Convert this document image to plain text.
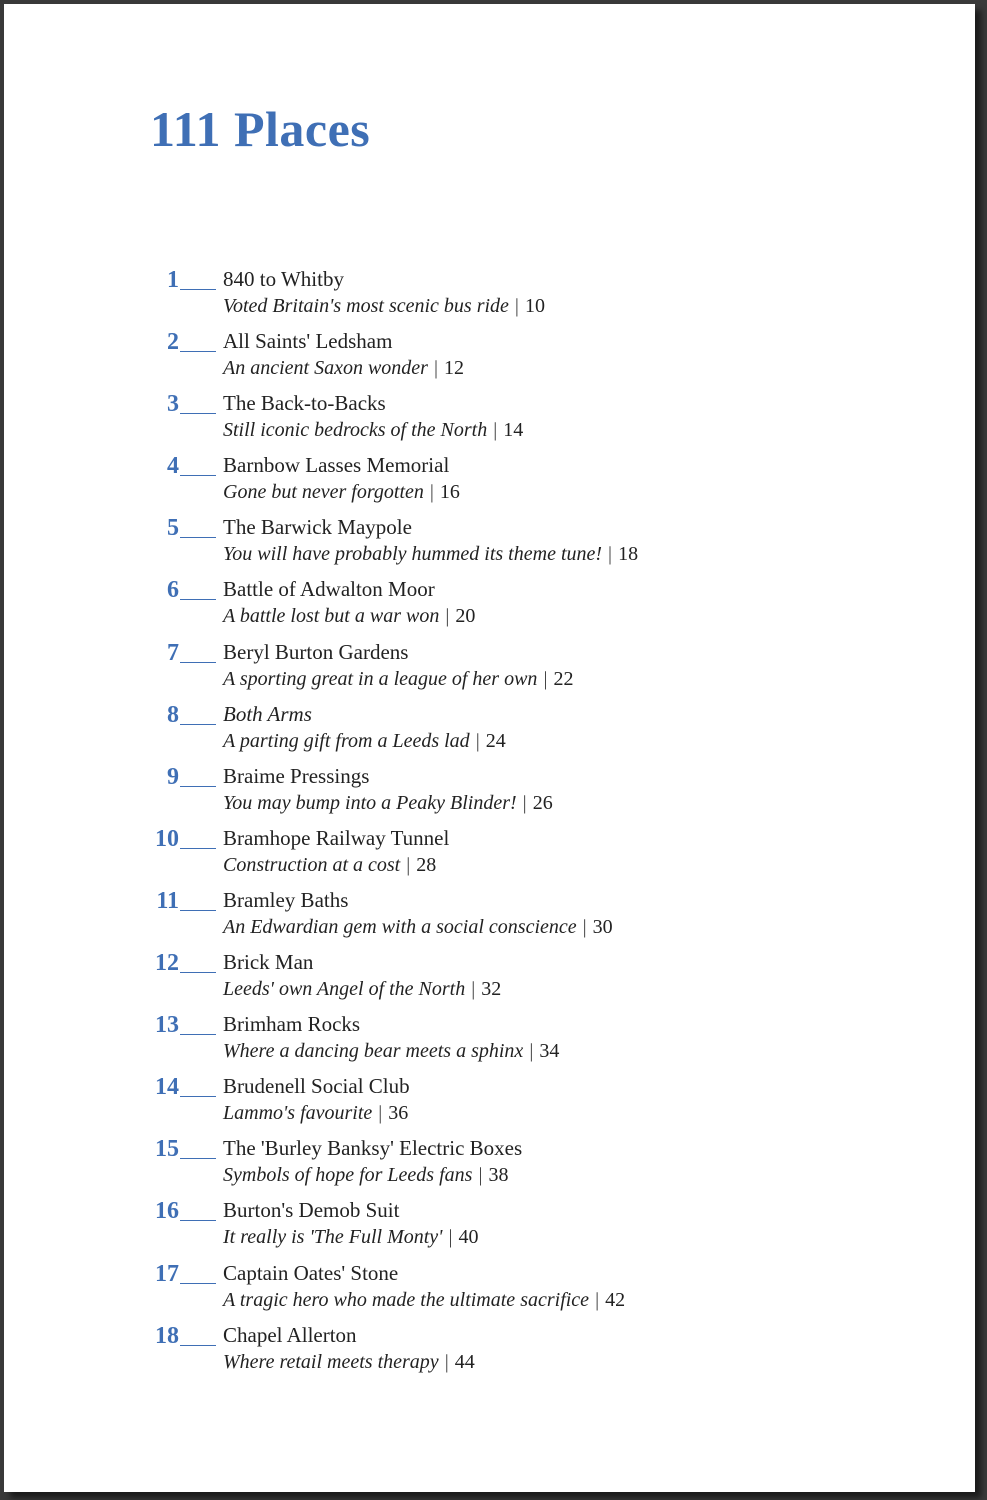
111 Places
1 840 to Whitby
Voted Britain's most scenic bus ride | 10
2 All Saints' Ledsham
An ancient Saxon wonder | 12
3 The Back-to-Backs
Still iconic bedrocks of the North | 14
4 Barnbow Lasses Memorial
Gone but never forgotten | 16
5 The Barwick Maypole
You will have probably hummed its theme tune! | 18
6 Battle of Adwalton Moor
A battle lost but a war won | 20
7 Beryl Burton Gardens
A sporting great in a league of her own | 22
8 Both Arms
A parting gift from a Leeds lad | 24
9 Braime Pressings
You may bump into a Peaky Blinder! | 26
10 Bramhope Railway Tunnel
Construction at a cost | 28
11 Bramley Baths
An Edwardian gem with a social conscience | 30
12 Brick Man
Leeds' own Angel of the North | 32
13 Brimham Rocks
Where a dancing bear meets a sphinx | 34
14 Brudenell Social Club
Lammo's favourite | 36
15 The 'Burley Banksy' Electric Boxes
Symbols of hope for Leeds fans | 38
16 Burton's Demob Suit
It really is 'The Full Monty' | 40
17 Captain Oates' Stone
A tragic hero who made the ultimate sacrifice | 42
18 Chapel Allerton
Where retail meets therapy | 44
